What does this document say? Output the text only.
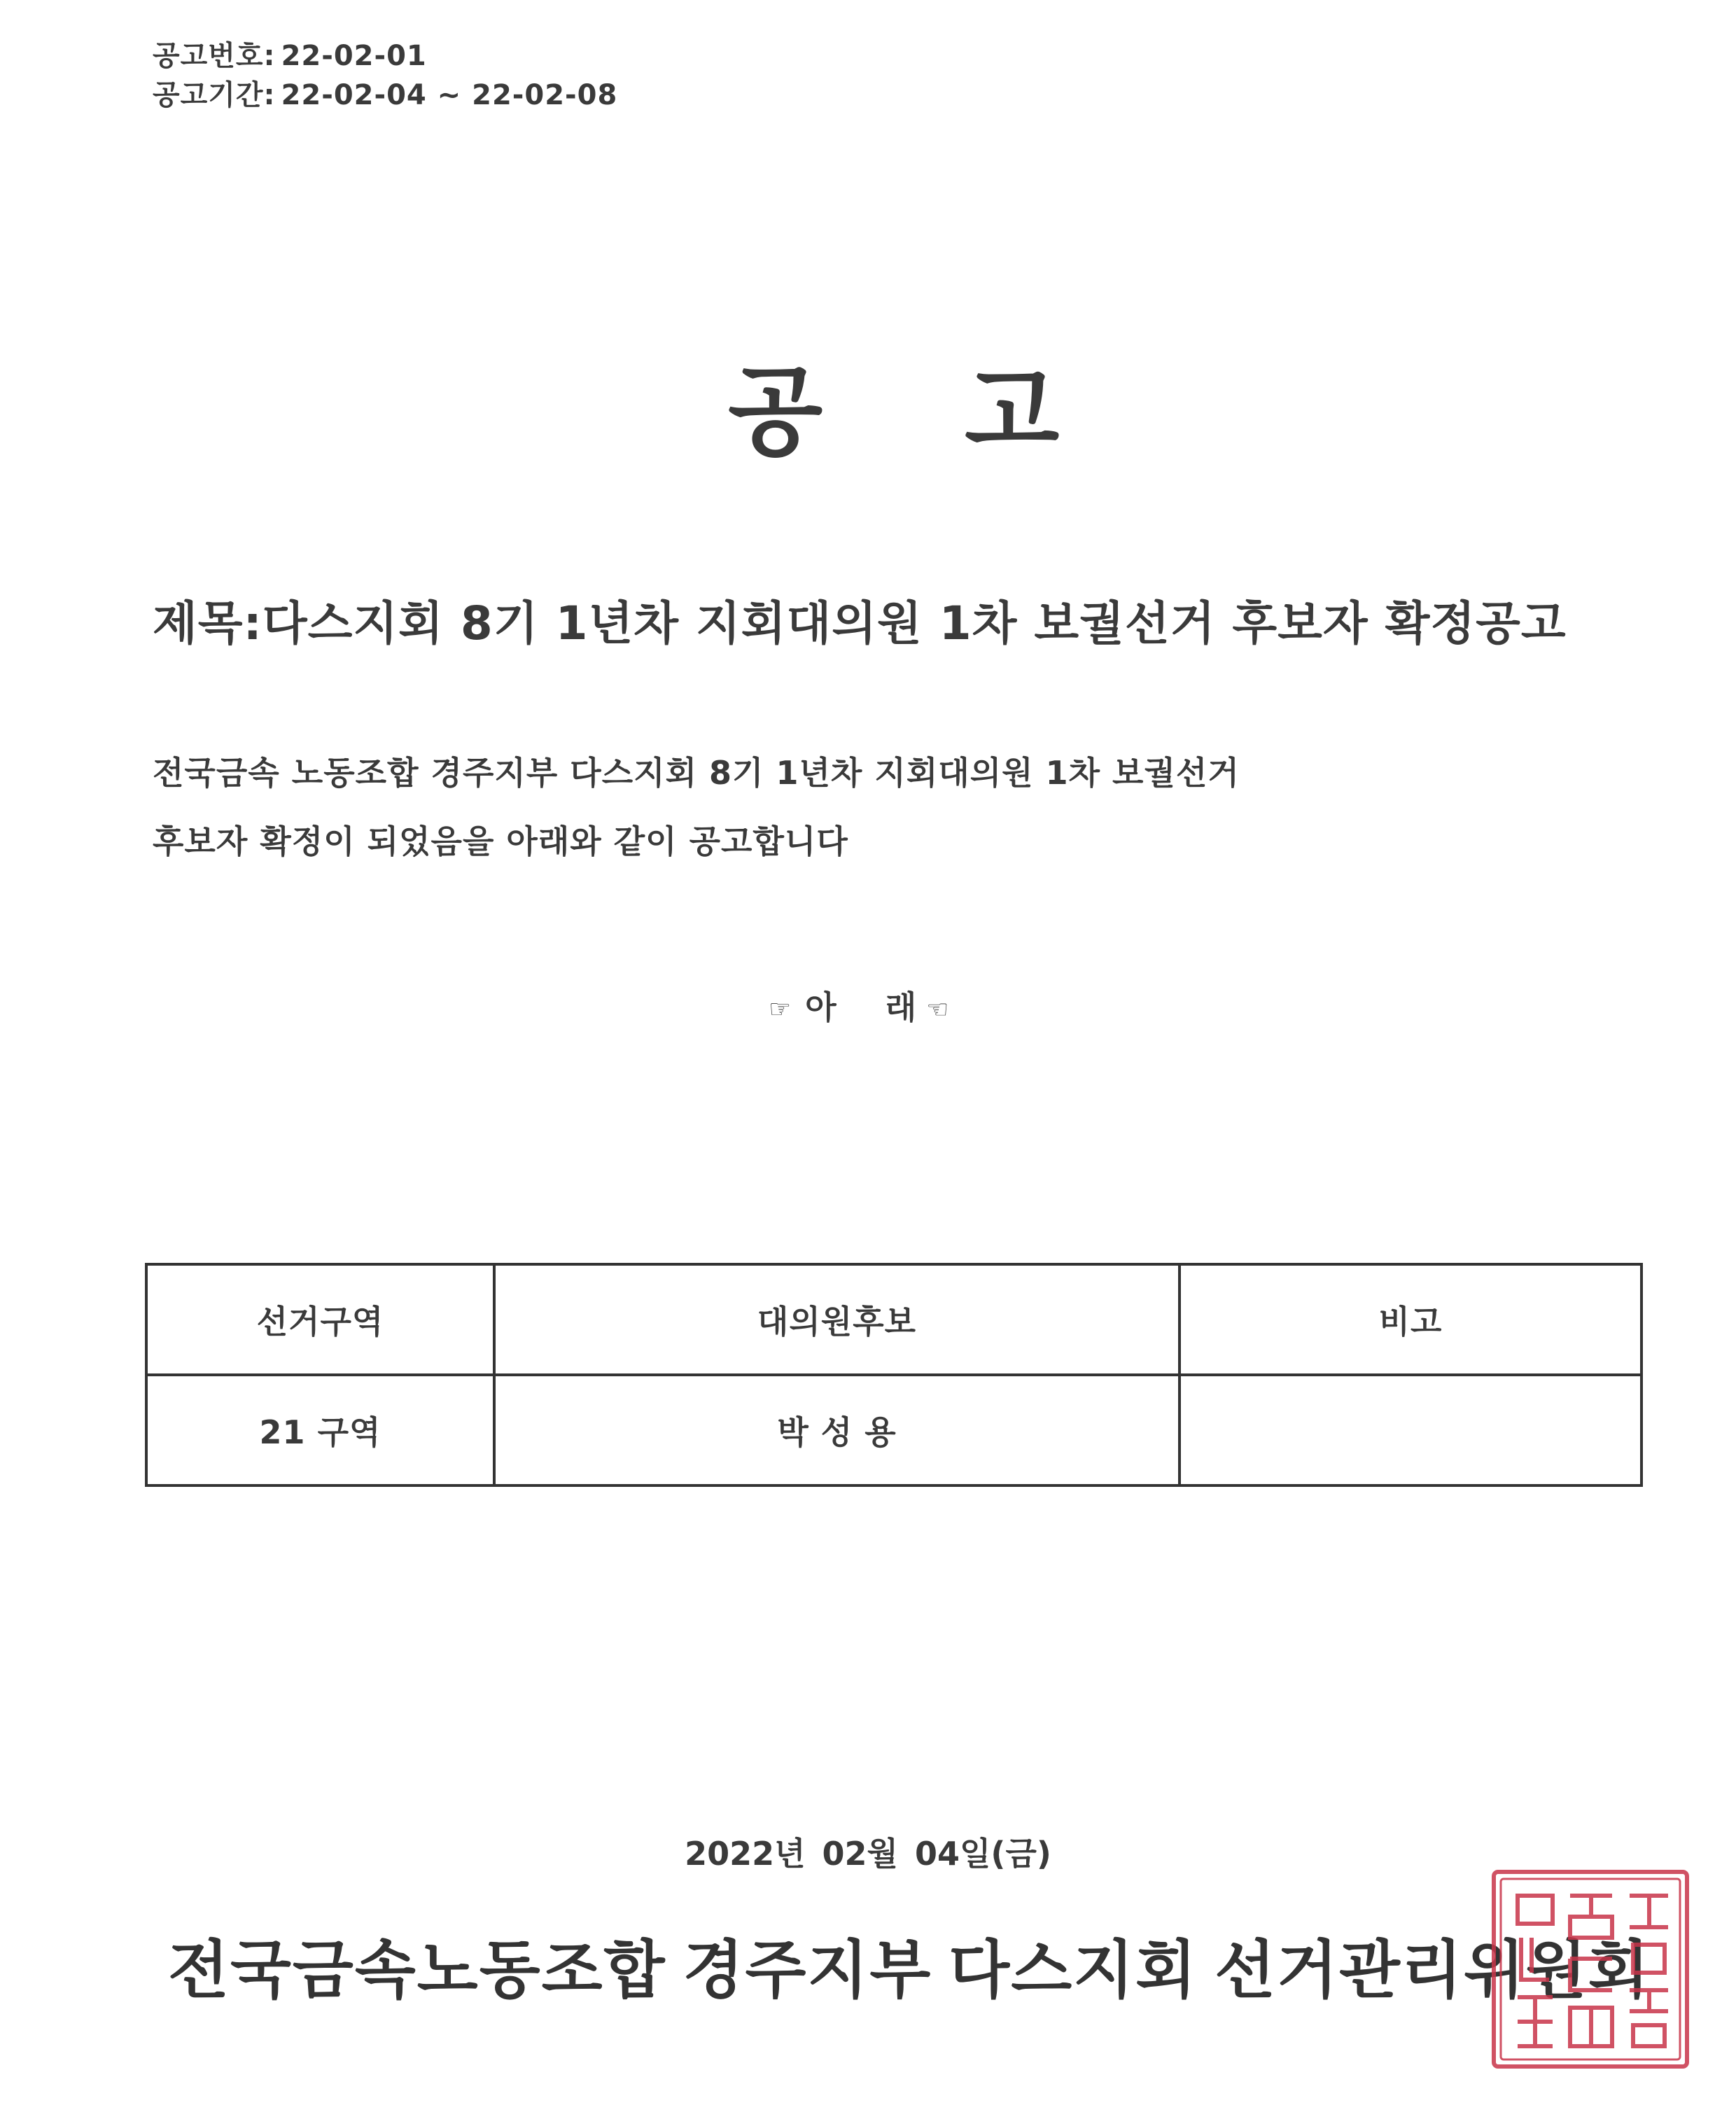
공고번호: 22-02-01
공고기간: 22-02-04 ~ 22-02-08
공 고
제목:다스지회 8기 1년차 지회대의원 1차 보궐선거 후보자 확정공고
전국금속 노동조합 경주지부 다스지회 8기 1년차 지회대의원 1차 보궐선거
후보자 확정이 되었음을 아래와 같이 공고합니다
☞ 아 래 ☜
선거구역	대의원후보	비고
21 구역	박 성 용	
2022년 02월 04일(금)
전국금속노동조합 경주지부 다스지회 선거관리위원회
